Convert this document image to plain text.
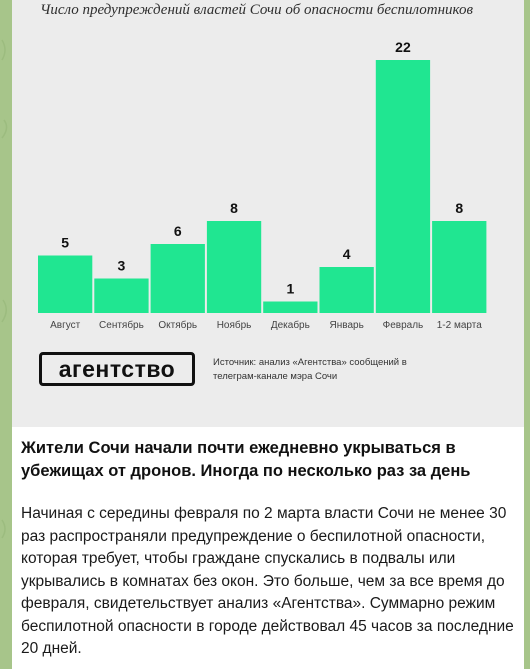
Число предупреждений властей Сочи об опасности беспилотников
5
Август
3
Сентябрь
6
Октябрь
8
Ноябрь
1
Декабрь
4
Январь
22
Февраль
8
1-2 марта
агентство	Источник: анализ «Агентства» сообщений в телеграм-канале мэра Сочи
Жители Сочи начали почти ежедневно укрываться в убежищах от дронов. Иногда по несколько раз за день
Начиная с середины февраля по 2 марта власти Сочи не менее 30 раз распространяли предупреждение о беспилотной опасности, которая требует, чтобы граждане спускались в подвалы или укрывались в комнатах без окон. Это больше, чем за все время до февраля, свидетельствует анализ «Агентства». Суммарно режим беспилотной опасности в городе действовал 45 часов за последние 20 дней.
